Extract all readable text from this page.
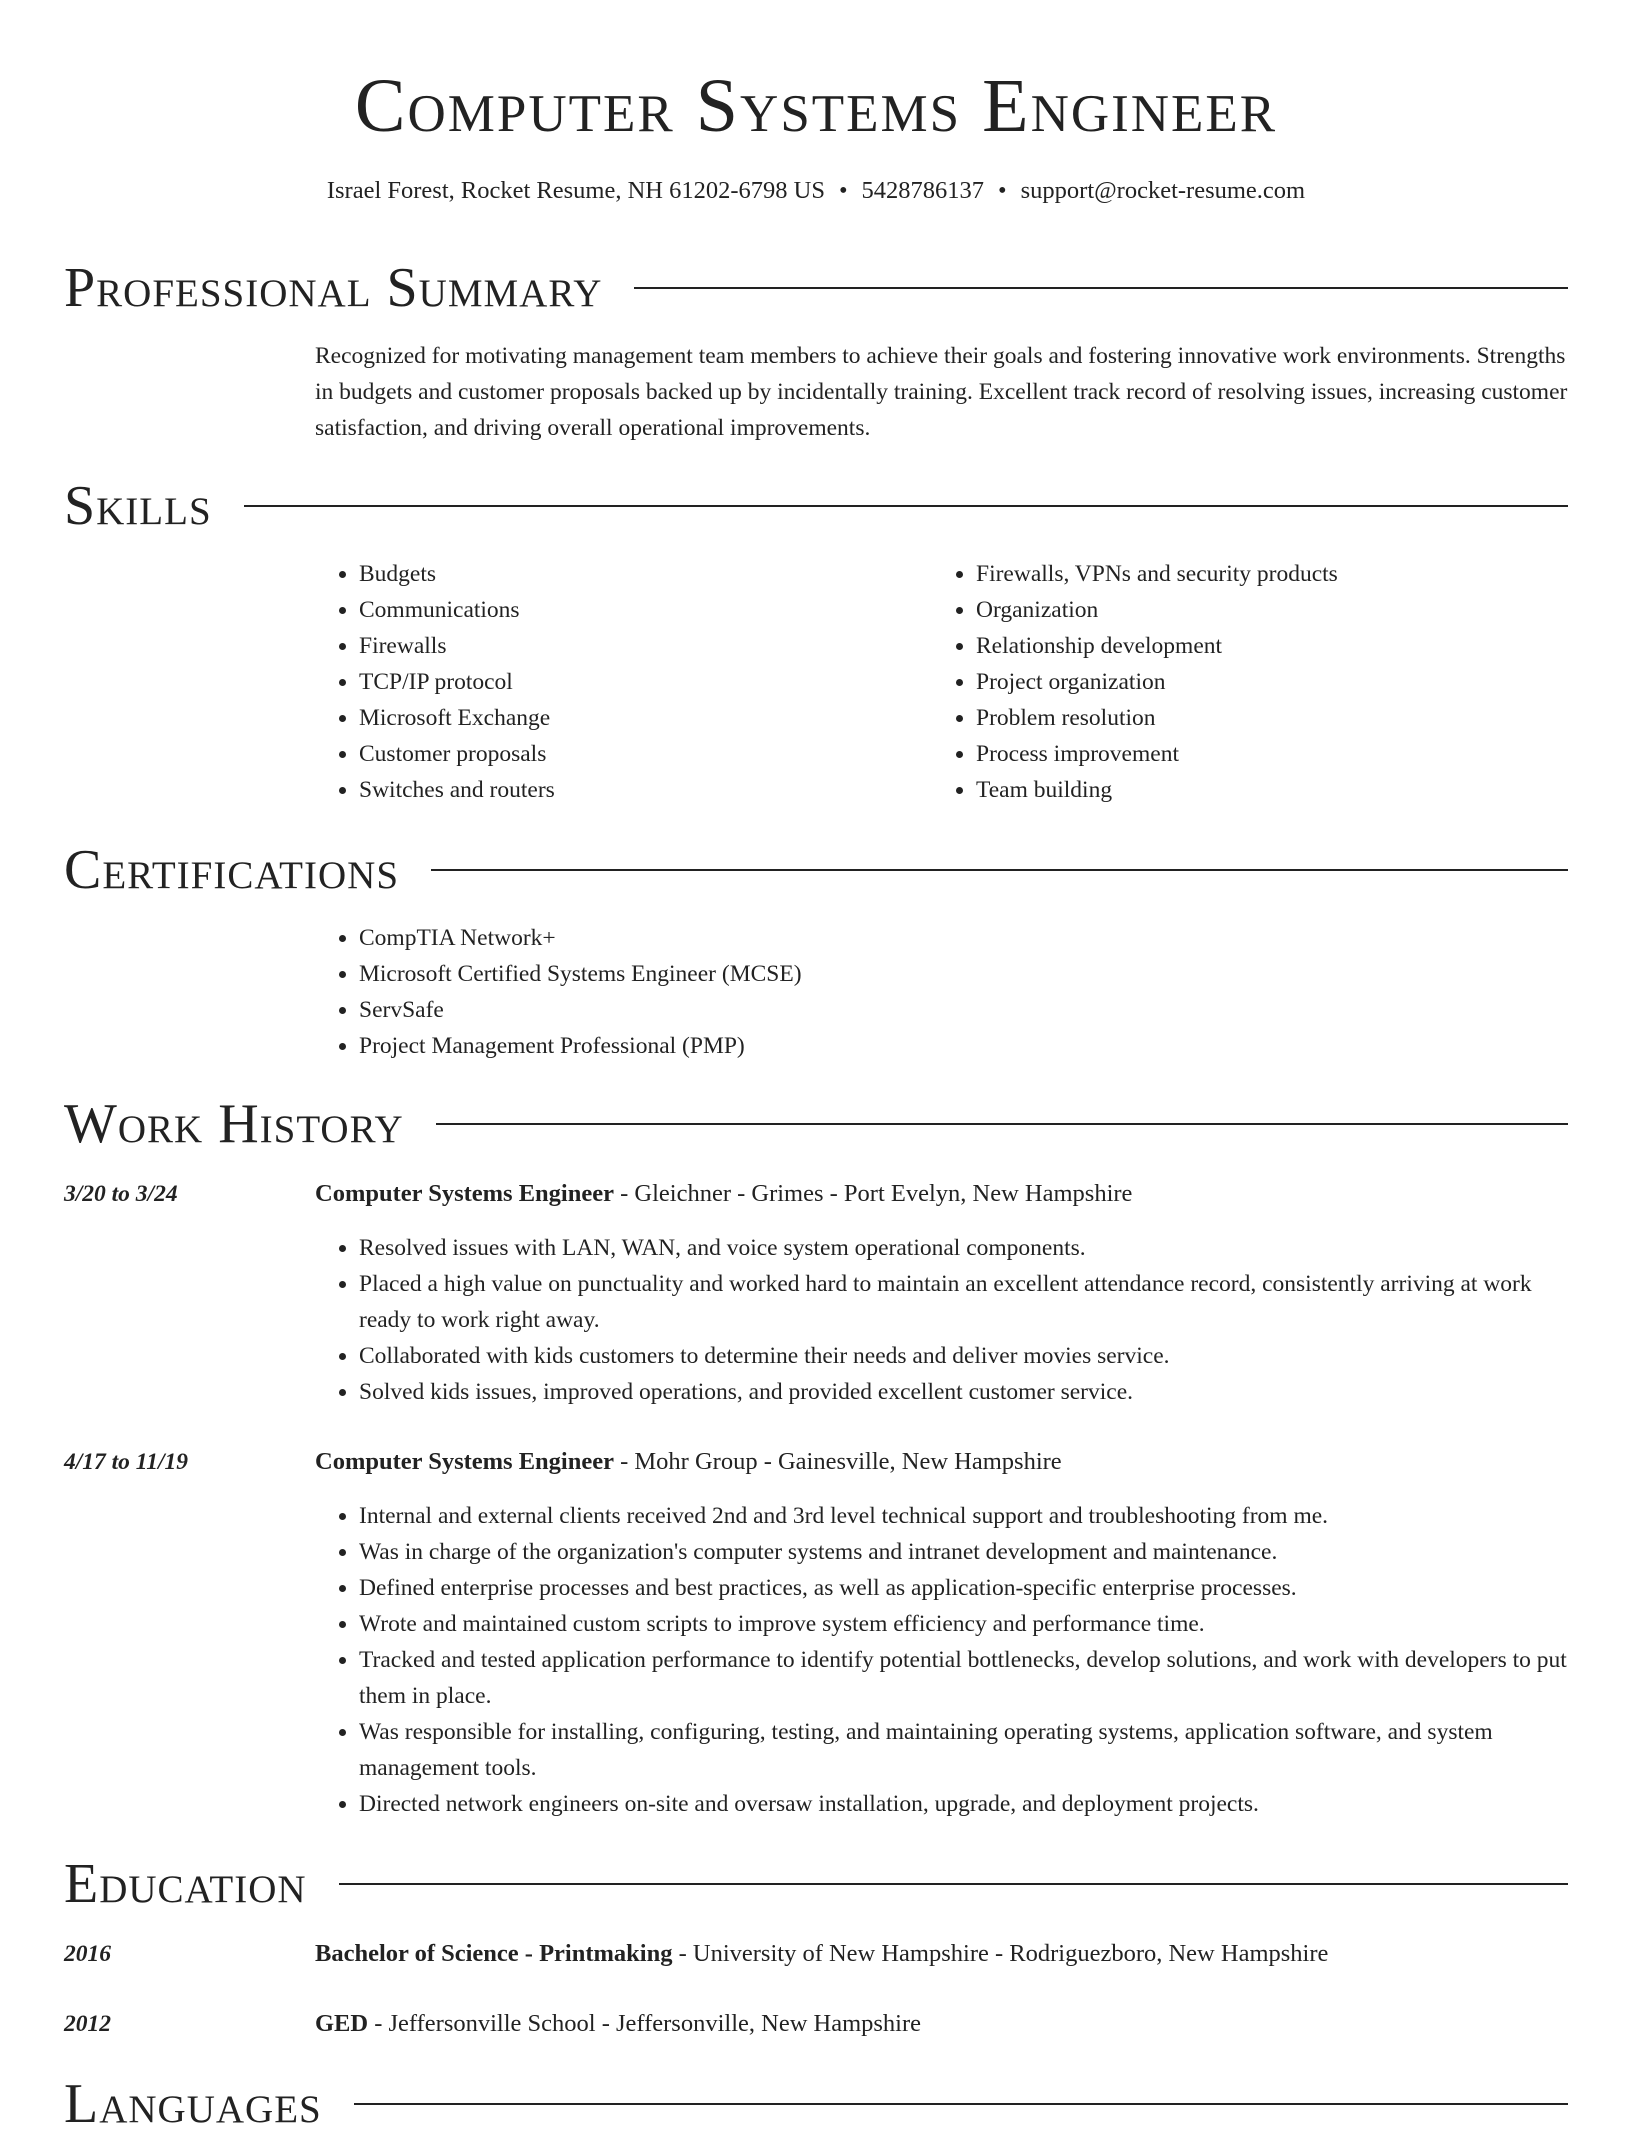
Computer Systems Engineer
Israel Forest, Rocket Resume, NH 61202-6798 US • 5428786137 • support@rocket-resume.com
Professional Summary
Recognized for motivating management team members to achieve their goals and fostering innovative work environments. Strengths in budgets and customer proposals backed up by incidentally training. Excellent track record of resolving issues, increasing customer satisfaction, and driving overall operational improvements.
Skills
• Budgets
• Communications
• Firewalls
• TCP/IP protocol
• Microsoft Exchange
• Customer proposals
• Switches and routers
• Firewalls, VPNs and security products
• Organization
• Relationship development
• Project organization
• Problem resolution
• Process improvement
• Team building
Certifications
• CompTIA Network+
• Microsoft Certified Systems Engineer (MCSE)
• ServSafe
• Project Management Professional (PMP)
Work History
3/20 to 3/24	Computer Systems Engineer - Gleichner - Grimes - Port Evelyn, New Hampshire
• Resolved issues with LAN, WAN, and voice system operational components.
• Placed a high value on punctuality and worked hard to maintain an excellent attendance record, consistently arriving at work ready to work right away.
• Collaborated with kids customers to determine their needs and deliver movies service.
• Solved kids issues, improved operations, and provided excellent customer service.
4/17 to 11/19	Computer Systems Engineer - Mohr Group - Gainesville, New Hampshire
• Internal and external clients received 2nd and 3rd level technical support and troubleshooting from me.
• Was in charge of the organization's computer systems and intranet development and maintenance.
• Defined enterprise processes and best practices, as well as application-specific enterprise processes.
• Wrote and maintained custom scripts to improve system efficiency and performance time.
• Tracked and tested application performance to identify potential bottlenecks, develop solutions, and work with developers to put them in place.
• Was responsible for installing, configuring, testing, and maintaining operating systems, application software, and system management tools.
• Directed network engineers on-site and oversaw installation, upgrade, and deployment projects.
Education
2016	Bachelor of Science - Printmaking - University of New Hampshire - Rodriguezboro, New Hampshire
2012	GED - Jeffersonville School - Jeffersonville, New Hampshire
Languages
